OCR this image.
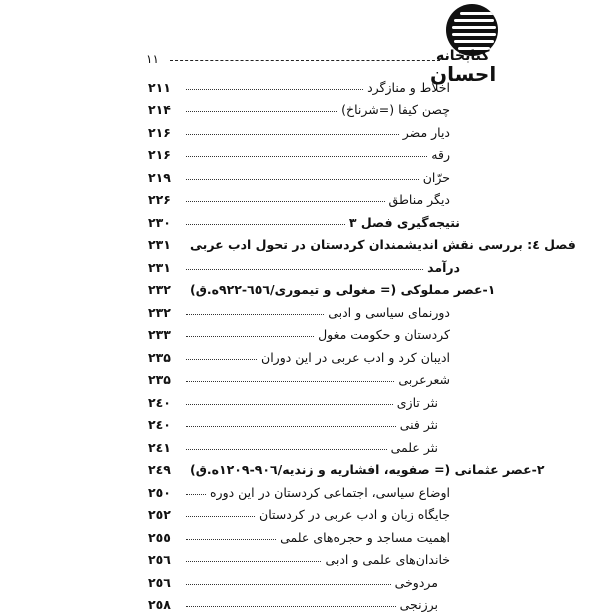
۱۱	کتابخانه
احسان
۲۱۱	اخلاط و منازگرد
۲۱۴	چصن کیفا (=شرناخ)
۲۱۶	دیار مضر
۲۱۶	رقه
۲۱۹	حرّان
۲۲۶	دیگر مناطق
۲۳۰	نتیجه‌گیری فصل ۳
۲۳۱	فصل ٤: بررسی نقش اندیشمندان کردستان در تحول ادب عربی
۲۳۱	درآمد
۲۳۲	۱-عصر مملوکی (= مغولی و تیموری/٦٥٦-٩٢٢ه.ق)
۲۳۲	دورنمای سیاسی و ادبی
۲۳۳	کردستان و حکومت مغول
۲۳۵	ادیبان کرد و ادب عربی در این دوران
۲۳۵	شعرعربی
۲٤۰	نثر تازی
۲٤۰	نثر فنی
۲٤۱	نثر علمی
۲٤۹	۲-عصر عثمانی (= صفویه، افشاریه و زندیه/٩٠٦-١٢٠٩ه.ق)
۲٥۰	اوضاع سیاسی، اجتماعی کردستان در این دوره
۲٥۲	جایگاه زبان و ادب عربی در کردستان
۲٥٥	اهمیت مساجد و حجره‌های علمی
۲٥٦	خاندان‌های علمی و ادبی
۲٥٦	مردوخی
۲٥۸	برزنجی
